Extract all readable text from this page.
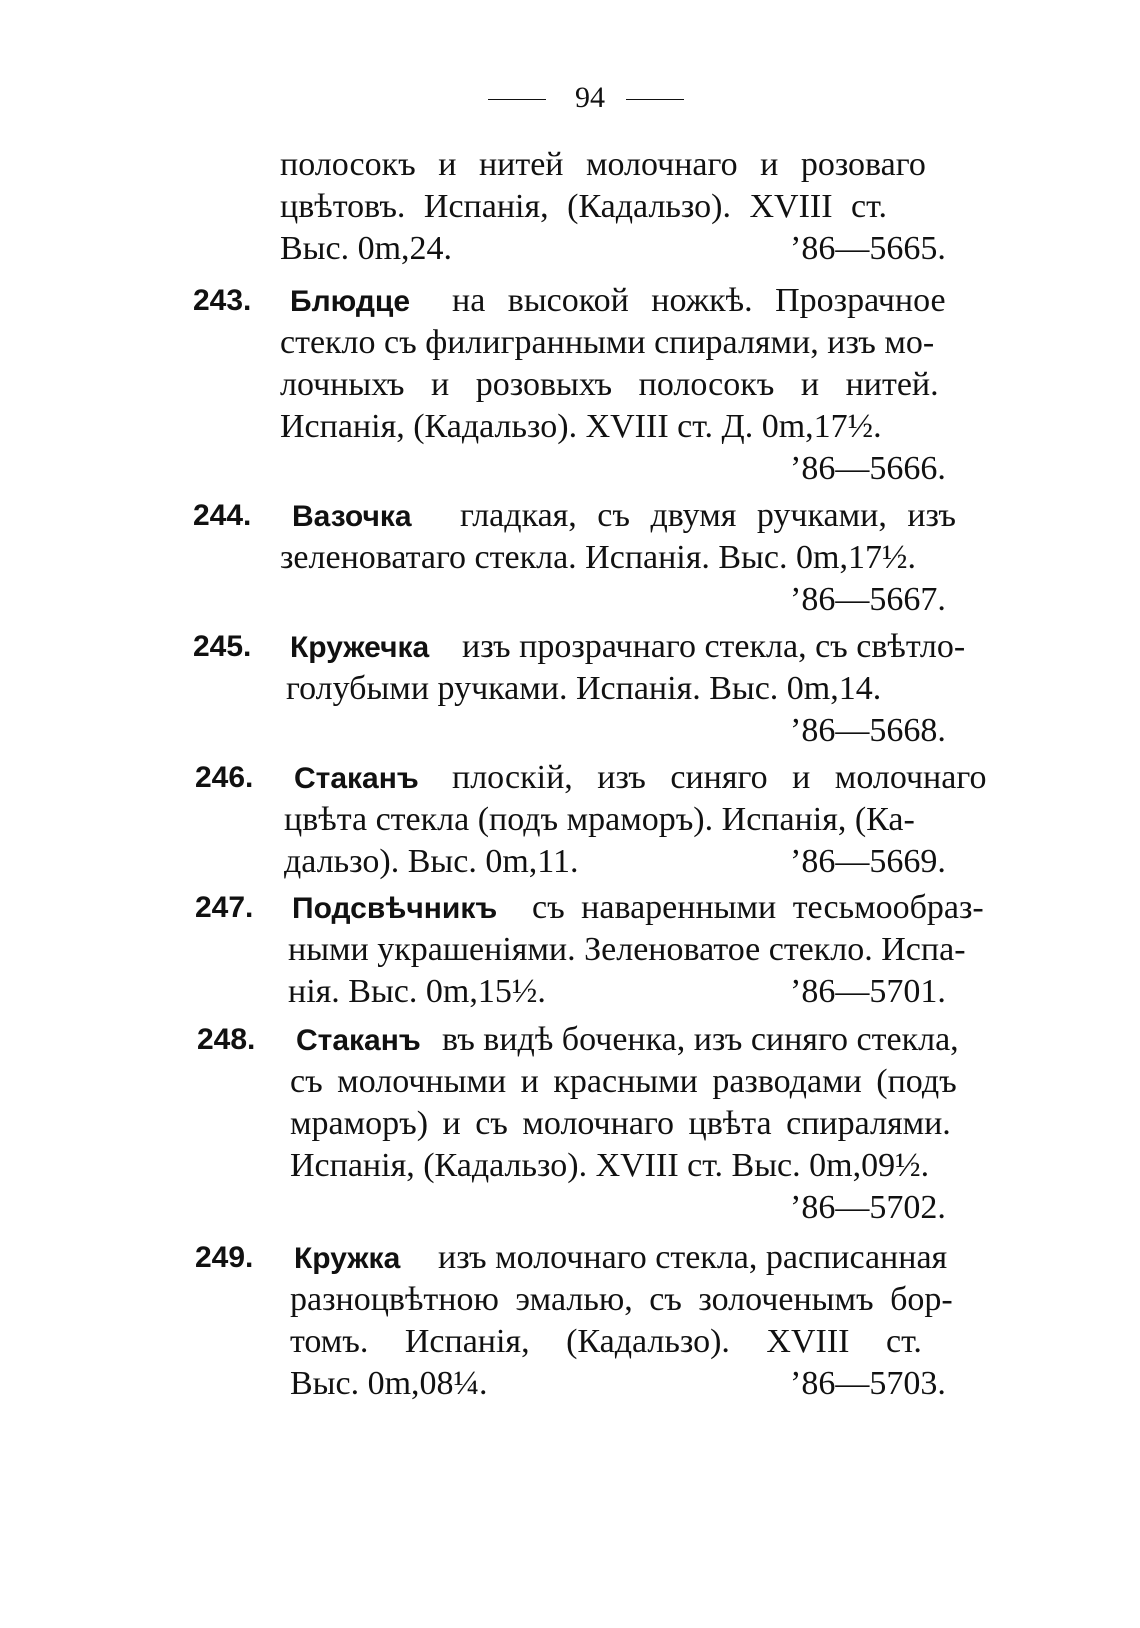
94
полосокъ и нитей молочнаго и розоваго
цвѣтовъ. Испанія, (Кадальзо). XVIII ст.
Выс. 0m,24.	’86—5665.
243. Блюдце на высокой ножкѣ. Прозрачное
стекло съ филигранными спиралями, изъ мо-
лочныхъ и розовыхъ полосокъ и нитей.
Испанія, (Кадальзо). XVIII ст. Д. 0m,17½.
’86—5666.
244. Вазочка гладкая, съ двумя ручками, изъ
зеленоватаго стекла. Испанія. Выс. 0m,17½.
’86—5667.
245. Кружечка изъ прозрачнаго стекла, съ свѣтло-
голубыми ручками. Испанія. Выс. 0m,14.
’86—5668.
246. Стаканъ плоскій, изъ синяго и молочнаго
цвѣта стекла (подъ мраморъ). Испанія, (Ка-
дальзо). Выс. 0m,11.	’86—5669.
247. Подсвѣчникъ съ наваренными тесьмообраз-
ными украшеніями. Зеленоватое стекло. Испа-
нія. Выс. 0m,15½.	’86—5701.
248. Стаканъ въ видѣ боченка, изъ синяго стекла,
съ молочными и красными разводами (подъ
мраморъ) и съ молочнаго цвѣта спиралями.
Испанія, (Кадальзо). XVIII ст. Выс. 0m,09½.
’86—5702.
249. Кружка изъ молочнаго стекла, расписанная
разноцвѣтною эмалью, съ золоченымъ бор-
томъ. Испанія, (Кадальзо). XVIII ст.
Выс. 0m,08¼.	’86—5703.
